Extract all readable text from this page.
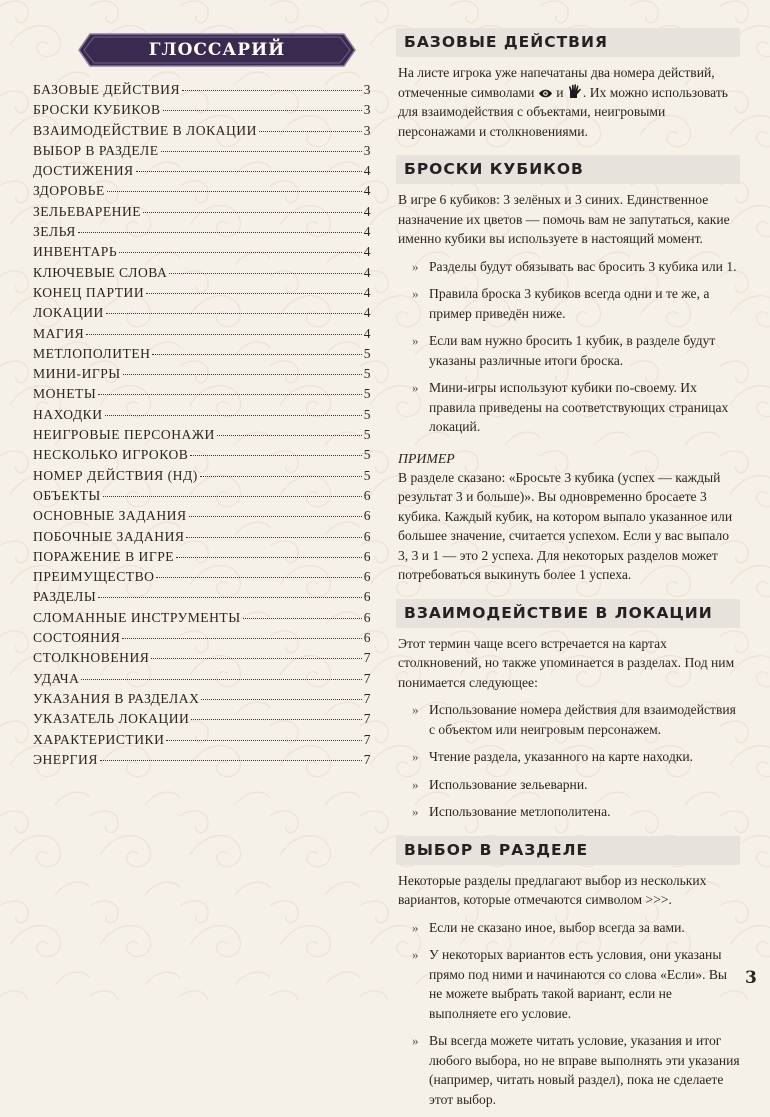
ГЛОССАРИЙ
БАЗОВЫЕ ДЕЙСТВИЯ	3
БРОСКИ КУБИКОВ	3
ВЗАИМОДЕЙСТВИЕ В ЛОКАЦИИ	3
ВЫБОР В РАЗДЕЛЕ	3
ДОСТИЖЕНИЯ	4
ЗДОРОВЬЕ	4
ЗЕЛЬЕВАРЕНИЕ	4
ЗЕЛЬЯ	4
ИНВЕНТАРЬ	4
КЛЮЧЕВЫЕ СЛОВА	4
КОНЕЦ ПАРТИИ	4
ЛОКАЦИИ	4
МАГИЯ	4
МЕТЛОПОЛИТЕН	5
МИНИ-ИГРЫ	5
МОНЕТЫ	5
НАХОДКИ	5
НЕИГРОВЫЕ ПЕРСОНАЖИ	5
НЕСКОЛЬКО ИГРОКОВ	5
НОМЕР ДЕЙСТВИЯ (НД)	5
ОБЪЕКТЫ	6
ОСНОВНЫЕ ЗАДАНИЯ	6
ПОБОЧНЫЕ ЗАДАНИЯ	6
ПОРАЖЕНИЕ В ИГРЕ	6
ПРЕИМУЩЕСТВО	6
РАЗДЕЛЫ	6
СЛОМАННЫЕ ИНСТРУМЕНТЫ	6
СОСТОЯНИЯ	6
СТОЛКНОВЕНИЯ	7
УДАЧА	7
УКАЗАНИЯ В РАЗДЕЛАХ	7
УКАЗАТЕЛЬ ЛОКАЦИИ	7
ХАРАКТЕРИСТИКИ	7
ЭНЕРГИЯ	7
БАЗОВЫЕ ДЕЙСТВИЯ

На листе игрока уже напечатаны два номера действий, отмеченные символами и . Их можно использовать для взаимодействия с объектами, неигровыми персонажами и столкновениями.

БРОСКИ КУБИКОВ

В игре 6 кубиков: 3 зелёных и 3 синих. Единственное назначение их цветов — помочь вам не запутаться, какие именно кубики вы используете в настоящий момент.

» Разделы будут обязывать вас бросить 3 кубика или 1.
» Правила броска 3 кубиков всегда одни и те же, а пример приведён ниже.
» Если вам нужно бросить 1 кубик, в разделе будут указаны различные итоги броска.
» Мини-игры используют кубики по-своему. Их правила приведены на соответствующих страницах локаций.
ПРИМЕР

В разделе сказано: «Бросьте 3 кубика (успех — каждый результат 3 и больше)». Вы одновременно бросаете 3 кубика. Каждый кубик, на котором выпало указанное или большее значение, считается успехом. Если у вас выпало 3, 3 и 1 — это 2 успеха. Для некоторых разделов может потребоваться выкинуть более 1 успеха.

ВЗАИМОДЕЙСТВИЕ В ЛОКАЦИИ

Этот термин чаще всего встречается на картах столкновений, но также упоминается в разделах. Под ним понимается следующее:

» Использование номера действия для взаимодействия с объектом или неигровым персонажем.
» Чтение раздела, указанного на карте находки.
» Использование зельеварни.
» Использование метлополитена.
ВЫБОР В РАЗДЕЛЕ

Некоторые разделы предлагают выбор из нескольких вариантов, которые отмечаются символом >>>.

» Если не сказано иное, выбор всегда за вами.
» У некоторых вариантов есть условия, они указаны прямо под ними и начинаются со слова «Если». Вы не можете выбрать такой вариант, если не выполняете его условие.
» Вы всегда можете читать условие, указания и итог любого выбора, но не вправе выполнять эти указания (например, читать новый раздел), пока не сделаете этот выбор.
3
